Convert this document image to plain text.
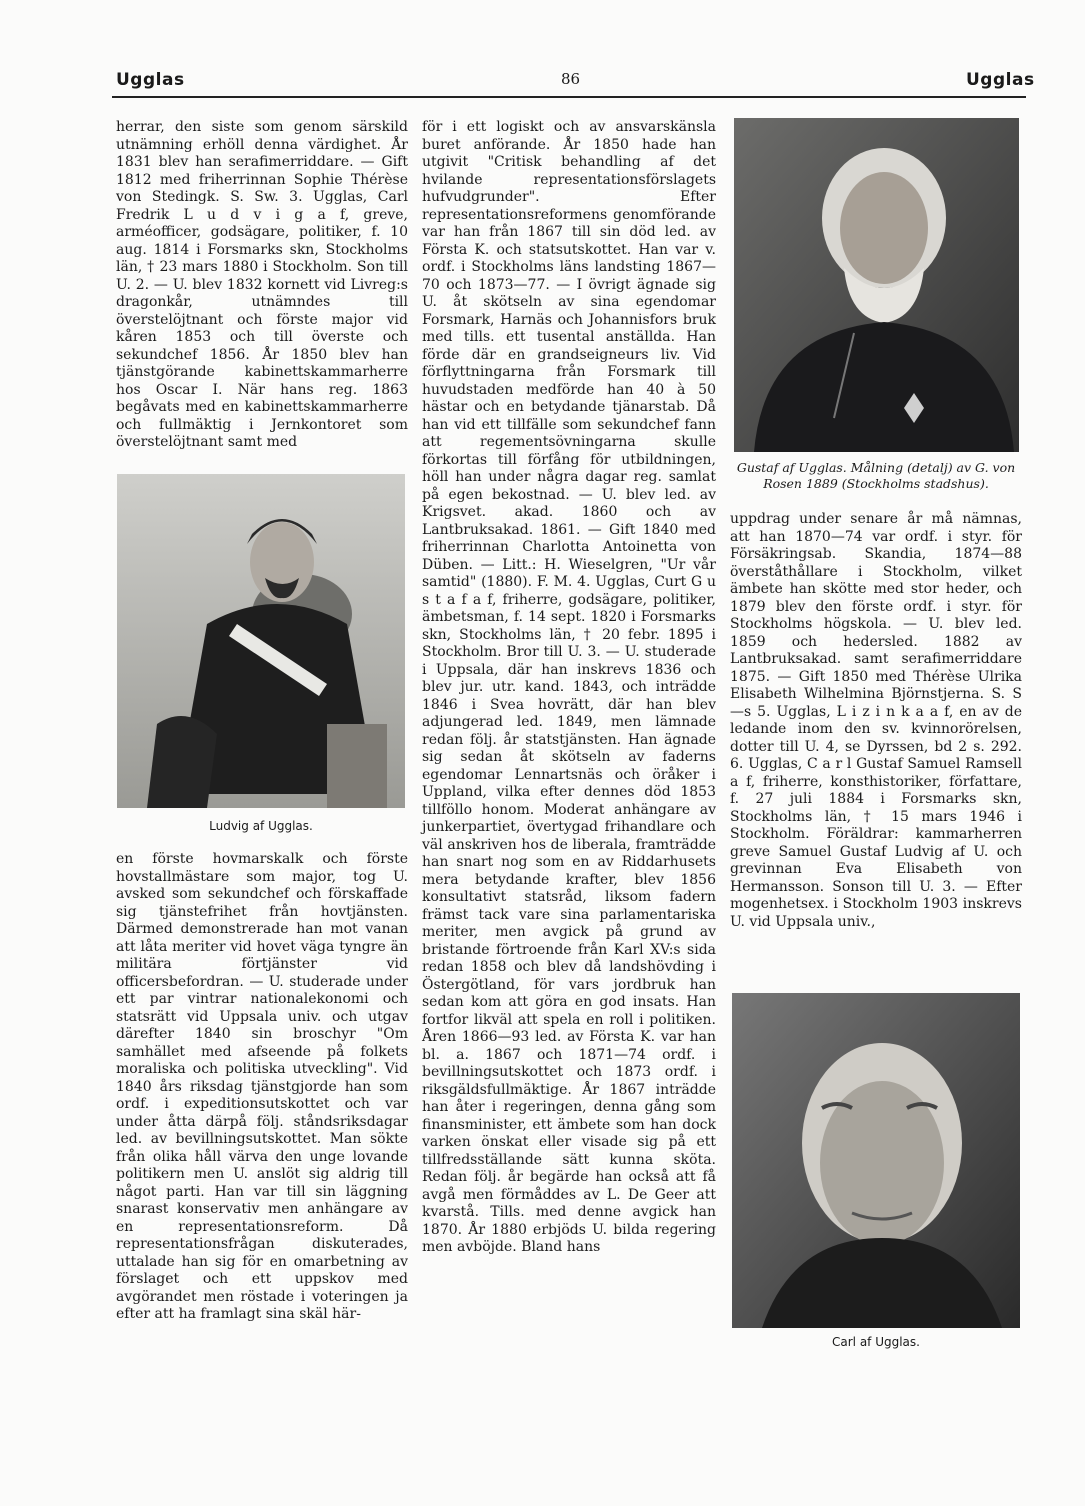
Ugglas	86	Ugglas

herrar, den siste som genom särskild utnämning erhöll denna värdighet. År 1831 blev han serafimerriddare. — Gift 1812 med friherrinnan Sophie Thérèse von Stedingk. S. Sw. 3. Ugglas, Carl Fredrik L u d v i g a f, greve, arméofficer, godsägare, politiker, f. 10 aug. 1814 i Forsmarks skn, Stockholms län, † 23 mars 1880 i Stockholm. Son till U. 2. — U. blev 1832 kornett vid Livreg:s dragonkår, utnämndes till överstelöjtnant och förste major vid kåren 1853 och till överste och sekundchef 1856. År 1850 blev han tjänstgörande kabinettskammarherre hos Oscar I. När hans reg. 1863 begåvats med en kabinettskammarherre och fullmäktig i Jernkontoret som överstelöjtnant samt med

Ludvig af Ugglas.

en förste hovmarskalk och förste hovstallmästare som major, tog U. avsked som sekundchef och förskaffade sig tjänstefrihet från hovtjänsten. Därmed demonstrerade han mot vanan att låta meriter vid hovet väga tyngre än militära förtjänster vid officersbefordran. — U. studerade under ett par vintrar nationalekonomi och statsrätt vid Uppsala univ. och utgav därefter 1840 sin broschyr "Om samhället med afseende på folkets moraliska och politiska utveckling". Vid 1840 års riksdag tjänstgjorde han som ordf. i expeditionsutskottet och var under åtta därpå följ. ståndsriksdagar led. av bevillningsutskottet. Man sökte från olika håll värva den unge lovande politikern men U. anslöt sig aldrig till något parti. Han var till sin läggning snarast konservativ men anhängare av en representationsreform. Då representationsfrågan diskuterades, uttalade han sig för en omarbetning av förslaget och ett uppskov med avgörandet men röstade i voteringen ja efter att ha framlagt sina skäl här-

för i ett logiskt och av ansvarskänsla buret anförande. År 1850 hade han utgivit "Critisk behandling af det hvilande representationsförslagets hufvudgrunder". Efter representationsreformens genomförande var han från 1867 till sin död led. av Första K. och statsutskottet. Han var v. ordf. i Stockholms läns landsting 1867—70 och 1873—77. — I övrigt ägnade sig U. åt skötseln av sina egendomar Forsmark, Harnäs och Johannisfors bruk med tills. ett tusental anställda. Han förde där en grandseigneurs liv. Vid förflyttningarna från Forsmark till huvudstaden medförde han 40 à 50 hästar och en betydande tjänarstab. Då han vid ett tillfälle som sekundchef fann att regementsövningarna skulle förkortas till förfång för utbildningen, höll han under några dagar reg. samlat på egen bekostnad. — U. blev led. av Krigsvet. akad. 1860 och av Lantbruksakad. 1861. — Gift 1840 med friherrinnan Charlotta Antoinetta von Düben. — Litt.: H. Wieselgren, "Ur vår samtid" (1880). F. M. 4. Ugglas, Curt G u s t a f a f, friherre, godsägare, politiker, ämbetsman, f. 14 sept. 1820 i Forsmarks skn, Stockholms län, † 20 febr. 1895 i Stockholm. Bror till U. 3. — U. studerade i Uppsala, där han inskrevs 1836 och blev jur. utr. kand. 1843, och inträdde 1846 i Svea hovrätt, där han blev adjungerad led. 1849, men lämnade redan följ. år statstjänsten. Han ägnade sig sedan åt skötseln av faderns egendomar Lennartsnäs och öråker i Uppland, vilka efter dennes död 1853 tillföllo honom. Moderat anhängare av junkerpartiet, övertygad frihandlare och väl anskriven hos de liberala, framträdde han snart nog som en av Riddarhusets mera betydande krafter, blev 1856 konsultativt statsråd, liksom fadern främst tack vare sina parlamentariska meriter, men avgick på grund av bristande förtroende från Karl XV:s sida redan 1858 och blev då landshövding i Östergötland, för vars jordbruk han sedan kom att göra en god insats. Han fortfor likväl att spela en roll i politiken. Åren 1866—93 led. av Första K. var han bl. a. 1867 och 1871—74 ordf. i bevillningsutskottet och 1873 ordf. i riksgäldsfullmäktige. År 1867 inträdde han åter i regeringen, denna gång som finansminister, ett ämbete som han dock varken önskat eller visade sig på ett tillfredsställande sätt kunna sköta. Redan följ. år begärde han också att få avgå men förmåddes av L. De Geer att kvarstå. Tills. med denne avgick han 1870. År 1880 erbjöds U. bilda regering men avböjde. Bland hans

Gustaf af Ugglas. Målning (detalj) av G. von Rosen 1889 (Stockholms stadshus).

uppdrag under senare år må nämnas, att han 1870—74 var ordf. i styr. för Försäkringsab. Skandia, 1874—88 överståthållare i Stockholm, vilket ämbete han skötte med stor heder, och 1879 blev den förste ordf. i styr. för Stockholms högskola. — U. blev led. 1859 och hedersled. 1882 av Lantbruksakad. samt serafimerriddare 1875. — Gift 1850 med Thérèse Ulrika Elisabeth Wilhelmina Björnstjerna. S. S—s 5. Ugglas, L i z i n k a a f, en av de ledande inom den sv. kvinnorörelsen, dotter till U. 4, se Dyrssen, bd 2 s. 292. 6. Ugglas, C a r l Gustaf Samuel Ramsell a f, friherre, konsthistoriker, författare, f. 27 juli 1884 i Forsmarks skn, Stockholms län, † 15 mars 1946 i Stockholm. Föräldrar: kammarherren greve Samuel Gustaf Ludvig af U. och grevinnan Eva Elisabeth von Hermansson. Sonson till U. 3. — Efter mogenhetsex. i Stockholm 1903 inskrevs U. vid Uppsala univ.,

Carl af Ugglas.
